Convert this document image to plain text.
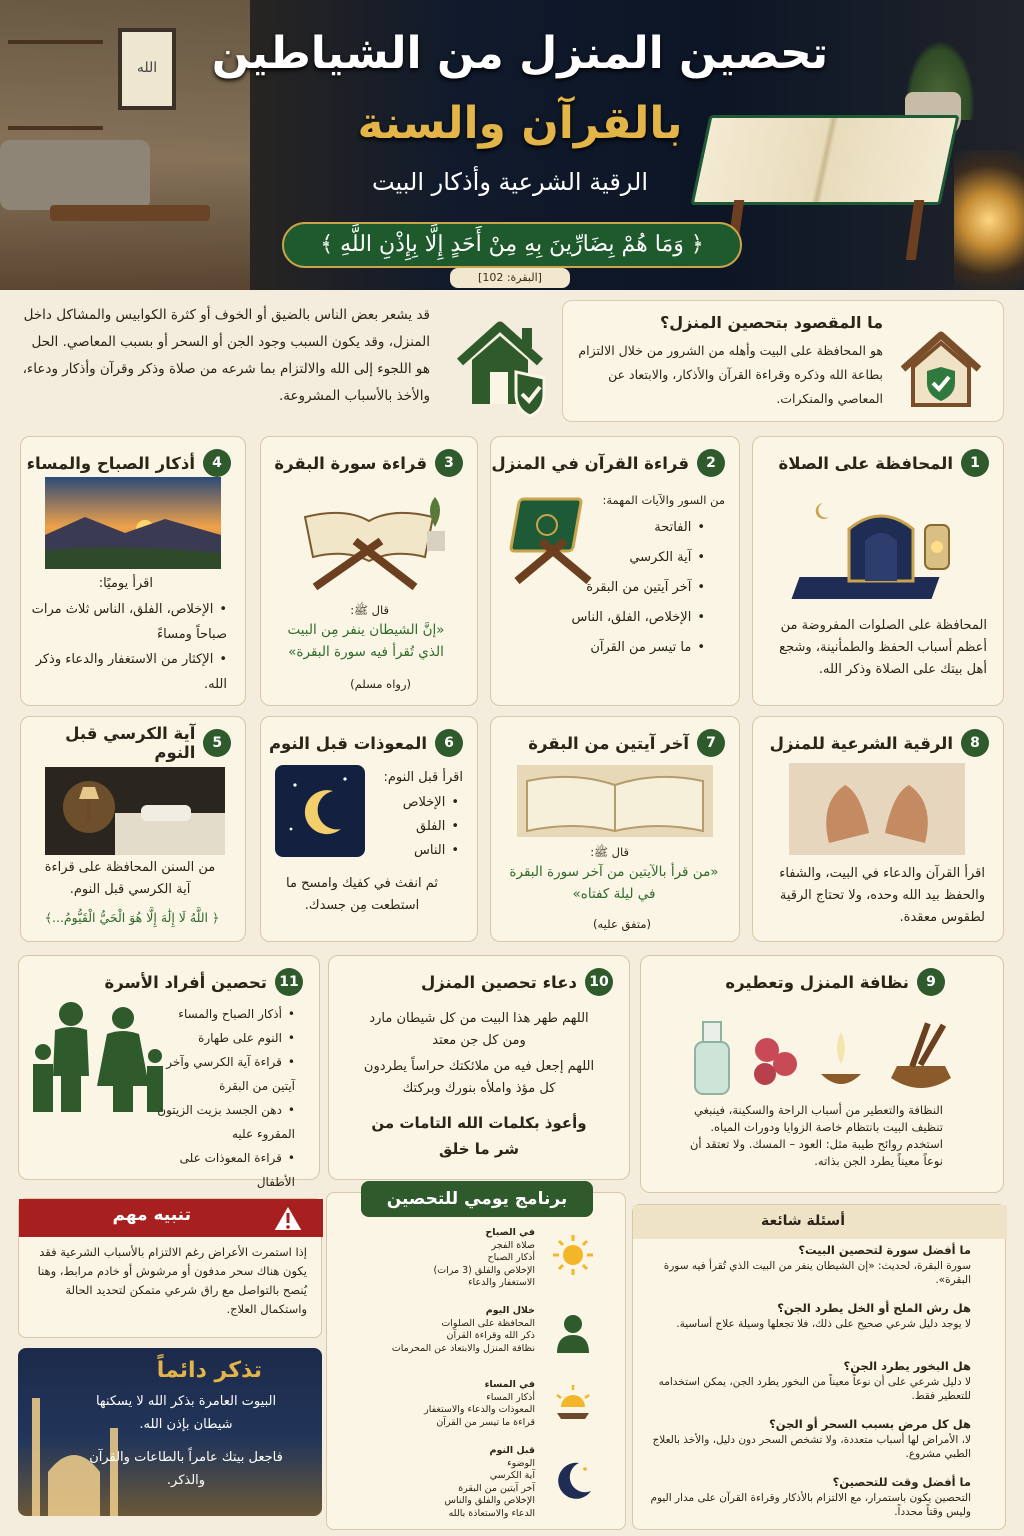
الله	تحصين المنزل من الشياطين
بالقرآن والسنة
الرقية الشرعية وأذكار البيت
﴿ وَمَا هُمْ بِضَارِّينَ بِهِ مِنْ أَحَدٍ إِلَّا بِإِذْنِ اللَّهِ ﴾
[البقرة: 102]
قد يشعر بعض الناس بالضيق أو الخوف أو كثرة الكوابيس والمشاكل داخل المنزل، وقد يكون السبب وجود الجن أو السحر أو بسبب المعاصي. الحل هو اللجوء إلى الله والالتزام بما شرعه من صلاة وذكر وقرآن وأذكار ودعاء، والأخذ بالأسباب المشروعة.
ما المقصود بتحصين المنزل؟
هو المحافظة على البيت وأهله من الشرور من خلال الالتزام بطاعة الله وذكره وقراءة القرآن والأذكار، والابتعاد عن المعاصي والمنكرات.
1
المحافظة على الصلاة
المحافظة على الصلوات المفروضة من أعظم أسباب الحفظ والطمأنينة، وشجع أهل بيتك على الصلاة وذكر الله.
2
قراءة القرآن في المنزل
من السور والآيات المهمة:
• الفاتحة
• آية الكرسي
• آخر آيتين من البقرة
• الإخلاص، الفلق، الناس
• ما تيسر من القرآن
3
قراءة سورة البقرة
قال ﷺ:
«إنَّ الشيطان ينفر مِن البيت الذي تُقرأ فيه سورة البقرة»
(رواه مسلم)
4
أذكار الصباح والمساء
اقرأ يوميًا:
• الإخلاص، الفلق، الناس ثلاث مرات صباحاً ومساءً
• الإكثار من الاستغفار والدعاء وذكر الله.
8
الرقية الشرعية للمنزل
اقرأ القرآن والدعاء في البيت، والشفاء والحفظ بيد الله وحده، ولا تحتاج الرقية لطقوس معقدة.
7
آخر آيتين من البقرة
قال ﷺ:
«من قرأ بالآيتين من آخر سورة البقرة في ليلة كفتاه»
(متفق عليه)
6
المعوذات قبل النوم
اقرأ قبل النوم:
• الإخلاص
• الفلق
• الناس
ثم انفث في كفيك وامسح ما استطعت مِن جسدك.
5
آية الكرسي قبل النوم
من السنن المحافظة على قراءة آية الكرسي قبل النوم.
﴿ اللَّهُ لَا إِلَٰهَ إِلَّا هُوَ الْحَيُّ الْقَيُّومُ...﴾
9
نظافة المنزل وتعطيره
النظافة والتعطير من أسباب الراحة والسكينة، فينبغي تنظيف البيت بانتظام خاصة الزوايا ودورات المياه. استخدم روائح طيبة مثل: العود – المسك. ولا تعتقد أن نوعاً معيناً يطرد الجن بذاته.
10
دعاء تحصين المنزل
اللهم طهر هذا البيت من كل شيطان مارد ومن كل جن معتد
اللهم إجعل فيه من ملائكتك حراساً يطردون كل مؤذ واملأه بنورك وبركتك
وأعوذ بكلمات الله التامات من شر ما خلق
11
تحصين أفراد الأسرة
• أذكار الصباح والمساء
• النوم على طهارة
• قراءة آية الكرسي وآخر آيتين من البقرة
• دهن الجسد بزيت الزيتون المقروء عليه
• قراءة المعوذات على الأطفال
تنبيه مهم
إذا استمرت الأعراض رغم الالتزام بالأسباب الشرعية فقد يكون هناك سحر مدفون أو مرشوش أو خادم مرابط، وهنا يُنصح بالتواصل مع راق شرعي متمكن لتحديد الحالة واستكمال العلاج.
تذكر دائماً
البيوت العامرة بذكر الله لا يسكنها شيطان بإذن الله.
فاجعل بيتك عامراً بالطاعات والقرآن والذكر.
برنامج يومي للتحصين
في الصباح
صلاة الفجر
أذكار الصباح
الإخلاص والفلق (3 مرات)
الاستغفار والدعاء
خلال اليوم
المحافظة على الصلوات
ذكر الله وقراءة القرآن
نظافة المنزل والابتعاد عن المحرمات
في المساء
أذكار المساء
المعوذات والدعاء والاستغفار
قراءة ما تيسر من القرآن
قبل النوم
الوضوء
آية الكرسي
آخر آيتين من البقرة
الإخلاص والفلق والناس
الدعاء والاستعاذة بالله
أسئلة شائعة
ما أفضل سورة لتحصين البيت؟
سورة البقرة، لحديث: «إن الشيطان ينفر من البيت الذي تُقرأ فيه سورة البقرة».
هل رش الملح أو الخل يطرد الجن؟
لا يوجد دليل شرعي صحيح على ذلك، فلا تجعلها وسيلة علاج أساسية.
هل البخور يطرد الجن؟
لا دليل شرعي على أن نوعاً معيناً من البخور يطرد الجن، يمكن استخدامه للتعطير فقط.
هل كل مرض بسبب السحر أو الجن؟
لا، الأمراض لها أسباب متعددة، ولا تشخص السحر دون دليل، والأخذ بالعلاج الطبي مشروع.
ما أفضل وقت للتحصين؟
التحصين يكون باستمرار، مع الالتزام بالأذكار وقراءة القرآن على مدار اليوم وليس وقتاً محدداً.
